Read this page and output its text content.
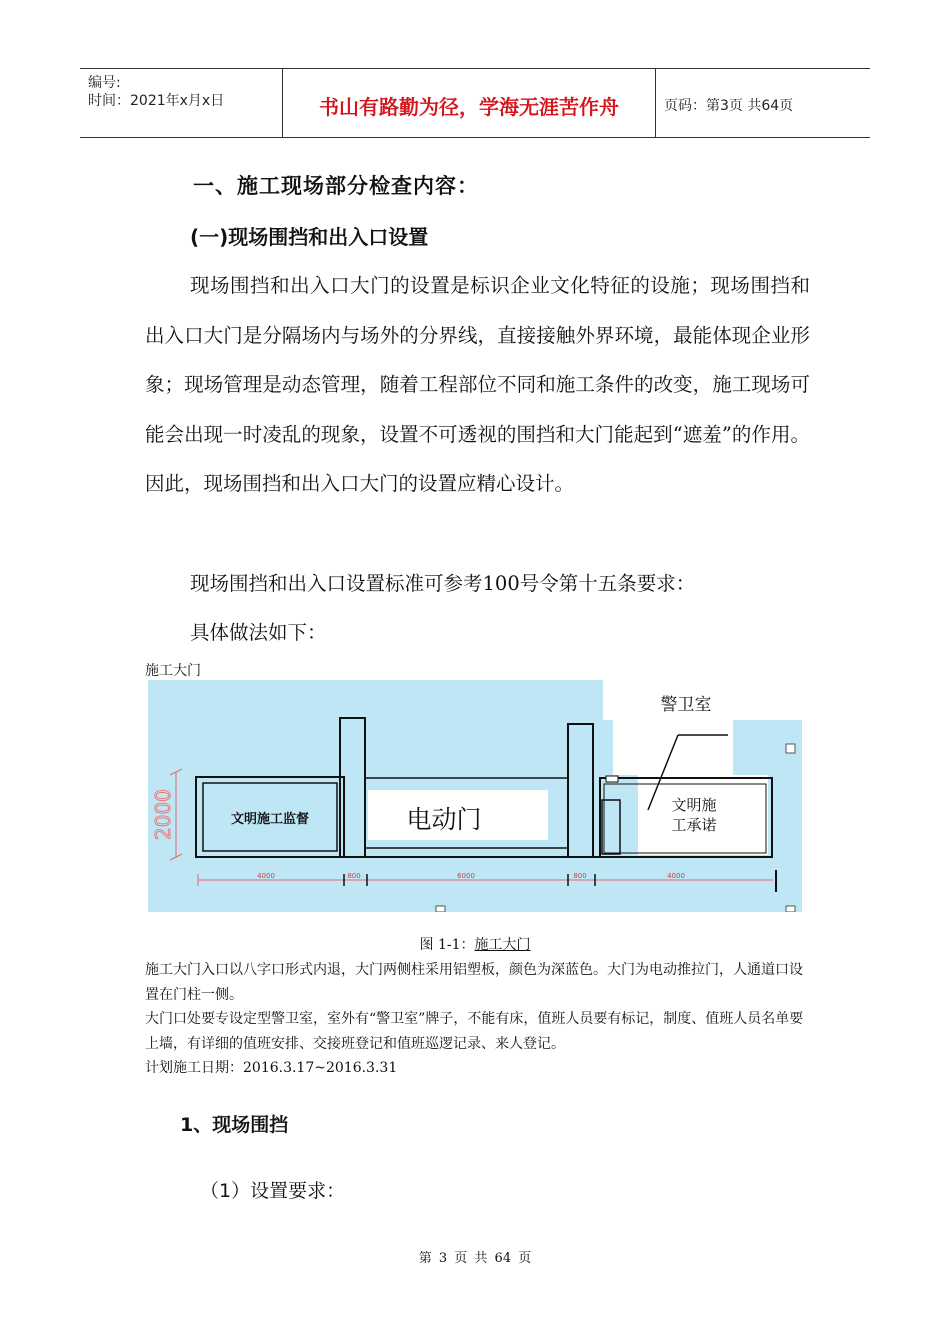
编号:
时间：2021年x月x日	书山有路勤为径，学海无涯苦作舟	页码：第3页 共64页
一、施工现场部分检查内容：
(一)现场围挡和出入口设置

现场围挡和出入口大门的设置是标识企业文化特征的设施；现场围挡和出入口大门是分隔场内与场外的分界线，直接接触外界环境，最能体现企业形象；现场管理是动态管理，随着工程部位不同和施工条件的改变，施工现场可能会出现一时凌乱的现象，设置不可透视的围挡和大门能起到“遮羞”的作用。因此，现场围挡和出入口大门的设置应精心设计。

现场围挡和出入口设置标准可参考100号令第十五条要求：

具体做法如下：

施工大门
2000	文明施工监督	电动门	文明施
工承诺
警卫室
4000	800	6000	800	4000
图 1-1：施工大门

施工大门入口以八字口形式内退，大门两侧柱采用铝塑板，颜色为深蓝色。大门为电动推拉门，人通道口设置在门柱一侧。

大门口处要专设定型警卫室，室外有“警卫室”牌子，不能有床，值班人员要有标记，制度、值班人员名单要上墙，有详细的值班安排、交接班登记和值班巡逻记录、来人登记。

计划施工日期：2016.3.17~2016.3.31

1、现场围挡
（1）设置要求：
第 3 页 共 64 页
